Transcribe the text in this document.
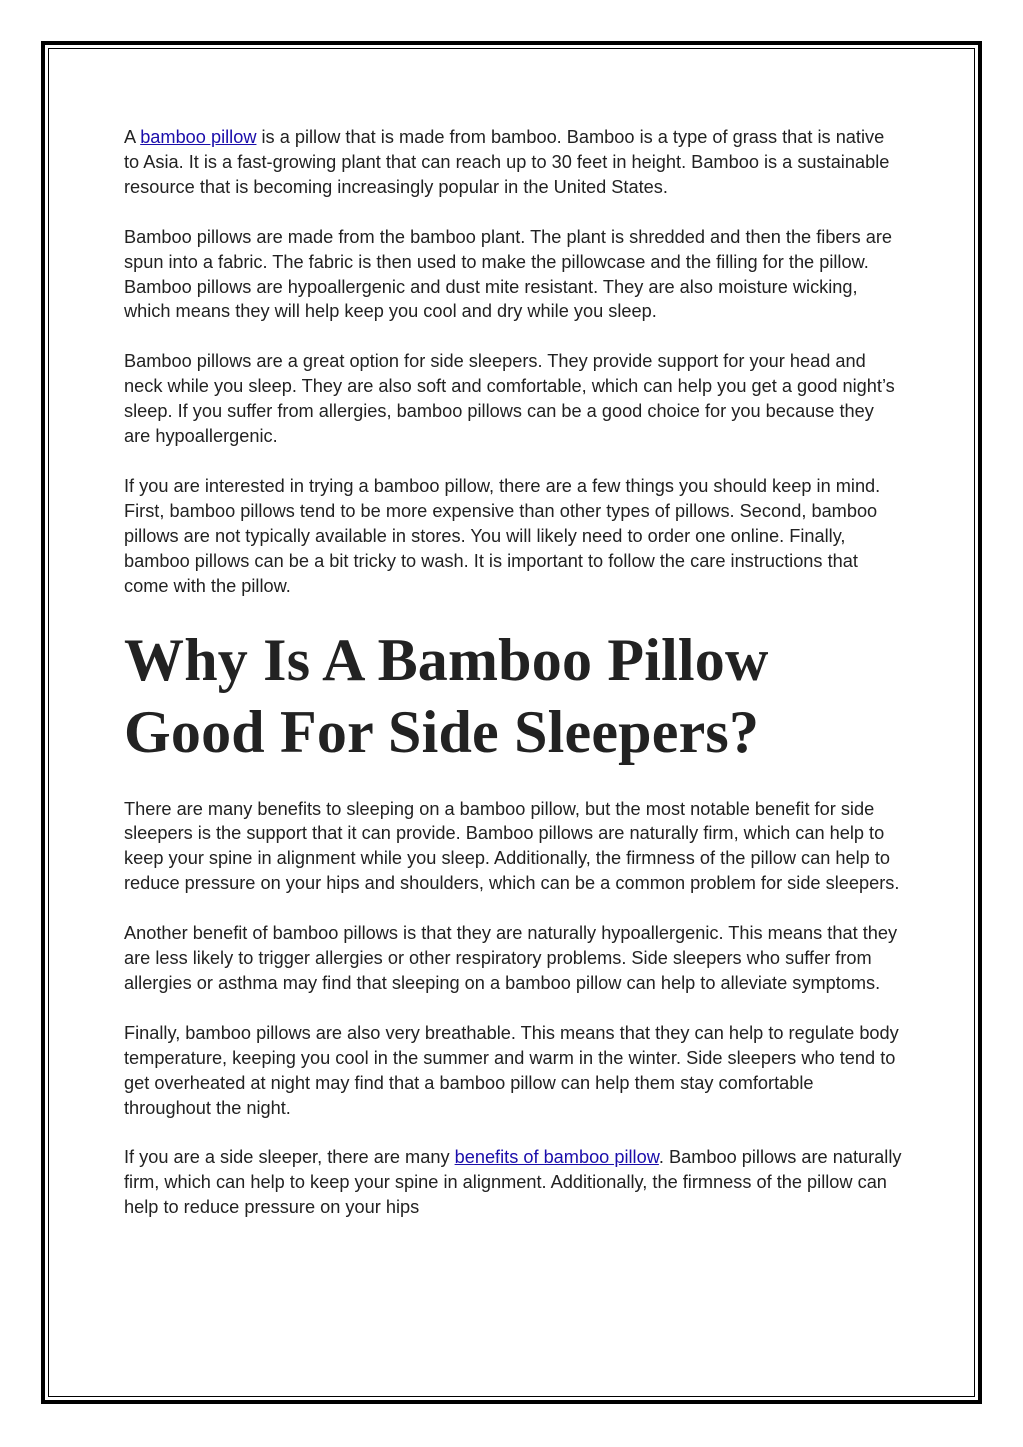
A bamboo pillow is a pillow that is made from bamboo. Bamboo is a type of grass that is native to Asia. It is a fast-growing plant that can reach up to 30 feet in height. Bamboo is a sustainable resource that is becoming increasingly popular in the United States.

Bamboo pillows are made from the bamboo plant. The plant is shredded and then the fibers are spun into a fabric. The fabric is then used to make the pillowcase and the filling for the pillow. Bamboo pillows are hypoallergenic and dust mite resistant. They are also moisture wicking, which means they will help keep you cool and dry while you sleep.

Bamboo pillows are a great option for side sleepers. They provide support for your head and neck while you sleep. They are also soft and comfortable, which can help you get a good night’s sleep. If you suffer from allergies, bamboo pillows can be a good choice for you because they are hypoallergenic.

If you are interested in trying a bamboo pillow, there are a few things you should keep in mind. First, bamboo pillows tend to be more expensive than other types of pillows. Second, bamboo pillows are not typically available in stores. You will likely need to order one online. Finally, bamboo pillows can be a bit tricky to wash. It is important to follow the care instructions that come with the pillow.

Why Is A Bamboo Pillow Good For Side Sleepers?

There are many benefits to sleeping on a bamboo pillow, but the most notable benefit for side sleepers is the support that it can provide. Bamboo pillows are naturally firm, which can help to keep your spine in alignment while you sleep. Additionally, the firmness of the pillow can help to reduce pressure on your hips and shoulders, which can be a common problem for side sleepers.

Another benefit of bamboo pillows is that they are naturally hypoallergenic. This means that they are less likely to trigger allergies or other respiratory problems. Side sleepers who suffer from allergies or asthma may find that sleeping on a bamboo pillow can help to alleviate symptoms.

Finally, bamboo pillows are also very breathable. This means that they can help to regulate body temperature, keeping you cool in the summer and warm in the winter. Side sleepers who tend to get overheated at night may find that a bamboo pillow can help them stay comfortable throughout the night.

If you are a side sleeper, there are many benefits of bamboo pillow. Bamboo pillows are naturally firm, which can help to keep your spine in alignment. Additionally, the firmness of the pillow can help to reduce pressure on your hips
